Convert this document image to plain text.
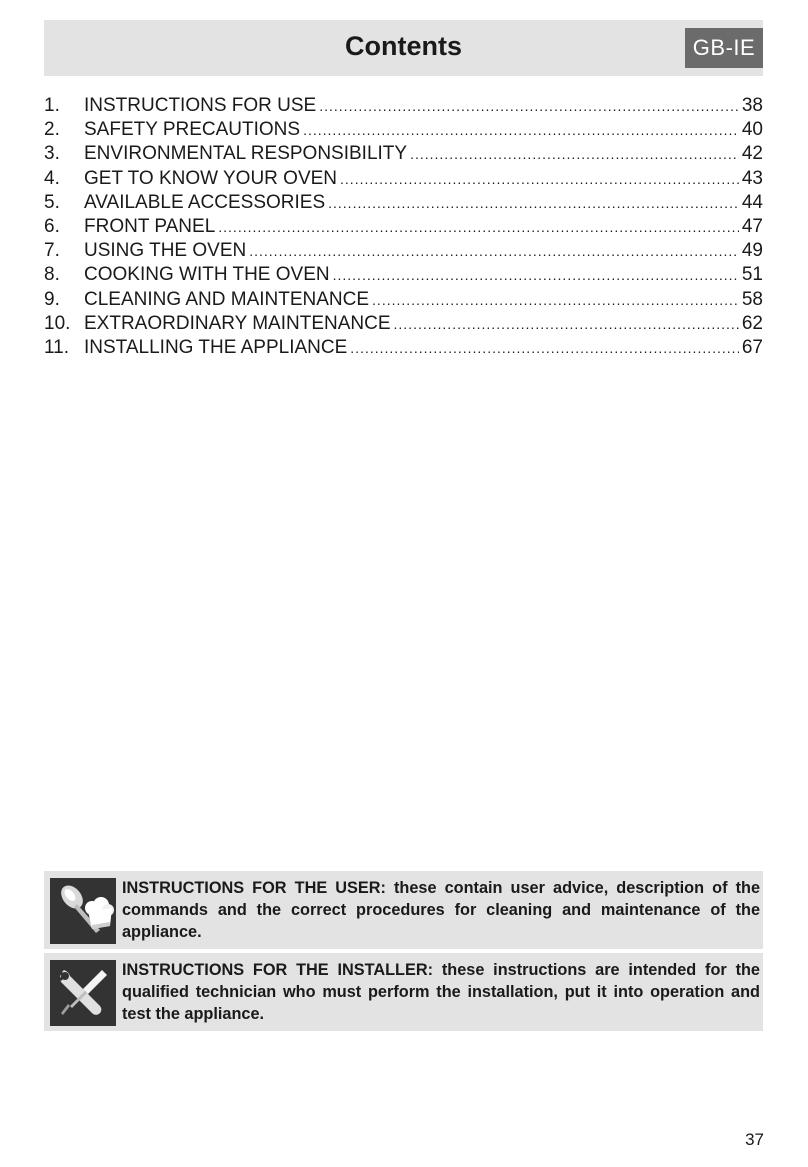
Contents	GB-IE
1.	INSTRUCTIONS FOR USE .....	38
2.	SAFETY PRECAUTIONS .....	40
3.	ENVIRONMENTAL RESPONSIBILITY .....	42
4.	GET TO KNOW YOUR OVEN .....	43
5.	AVAILABLE ACCESSORIES .....	44
6.	FRONT PANEL .....	47
7.	USING THE OVEN .....	49
8.	COOKING WITH THE OVEN .....	51
9.	CLEANING AND MAINTENANCE .....	58
10. EXTRAORDINARY MAINTENANCE .....	62
11. INSTALLING THE APPLIANCE .....	67
INSTRUCTIONS FOR THE USER: these contain user advice, description of the commands and the correct procedures for cleaning and maintenance of the appliance.
INSTRUCTIONS FOR THE INSTALLER: these instructions are intended for the qualified technician who must perform the installation, put it into operation and test the appliance.
37
